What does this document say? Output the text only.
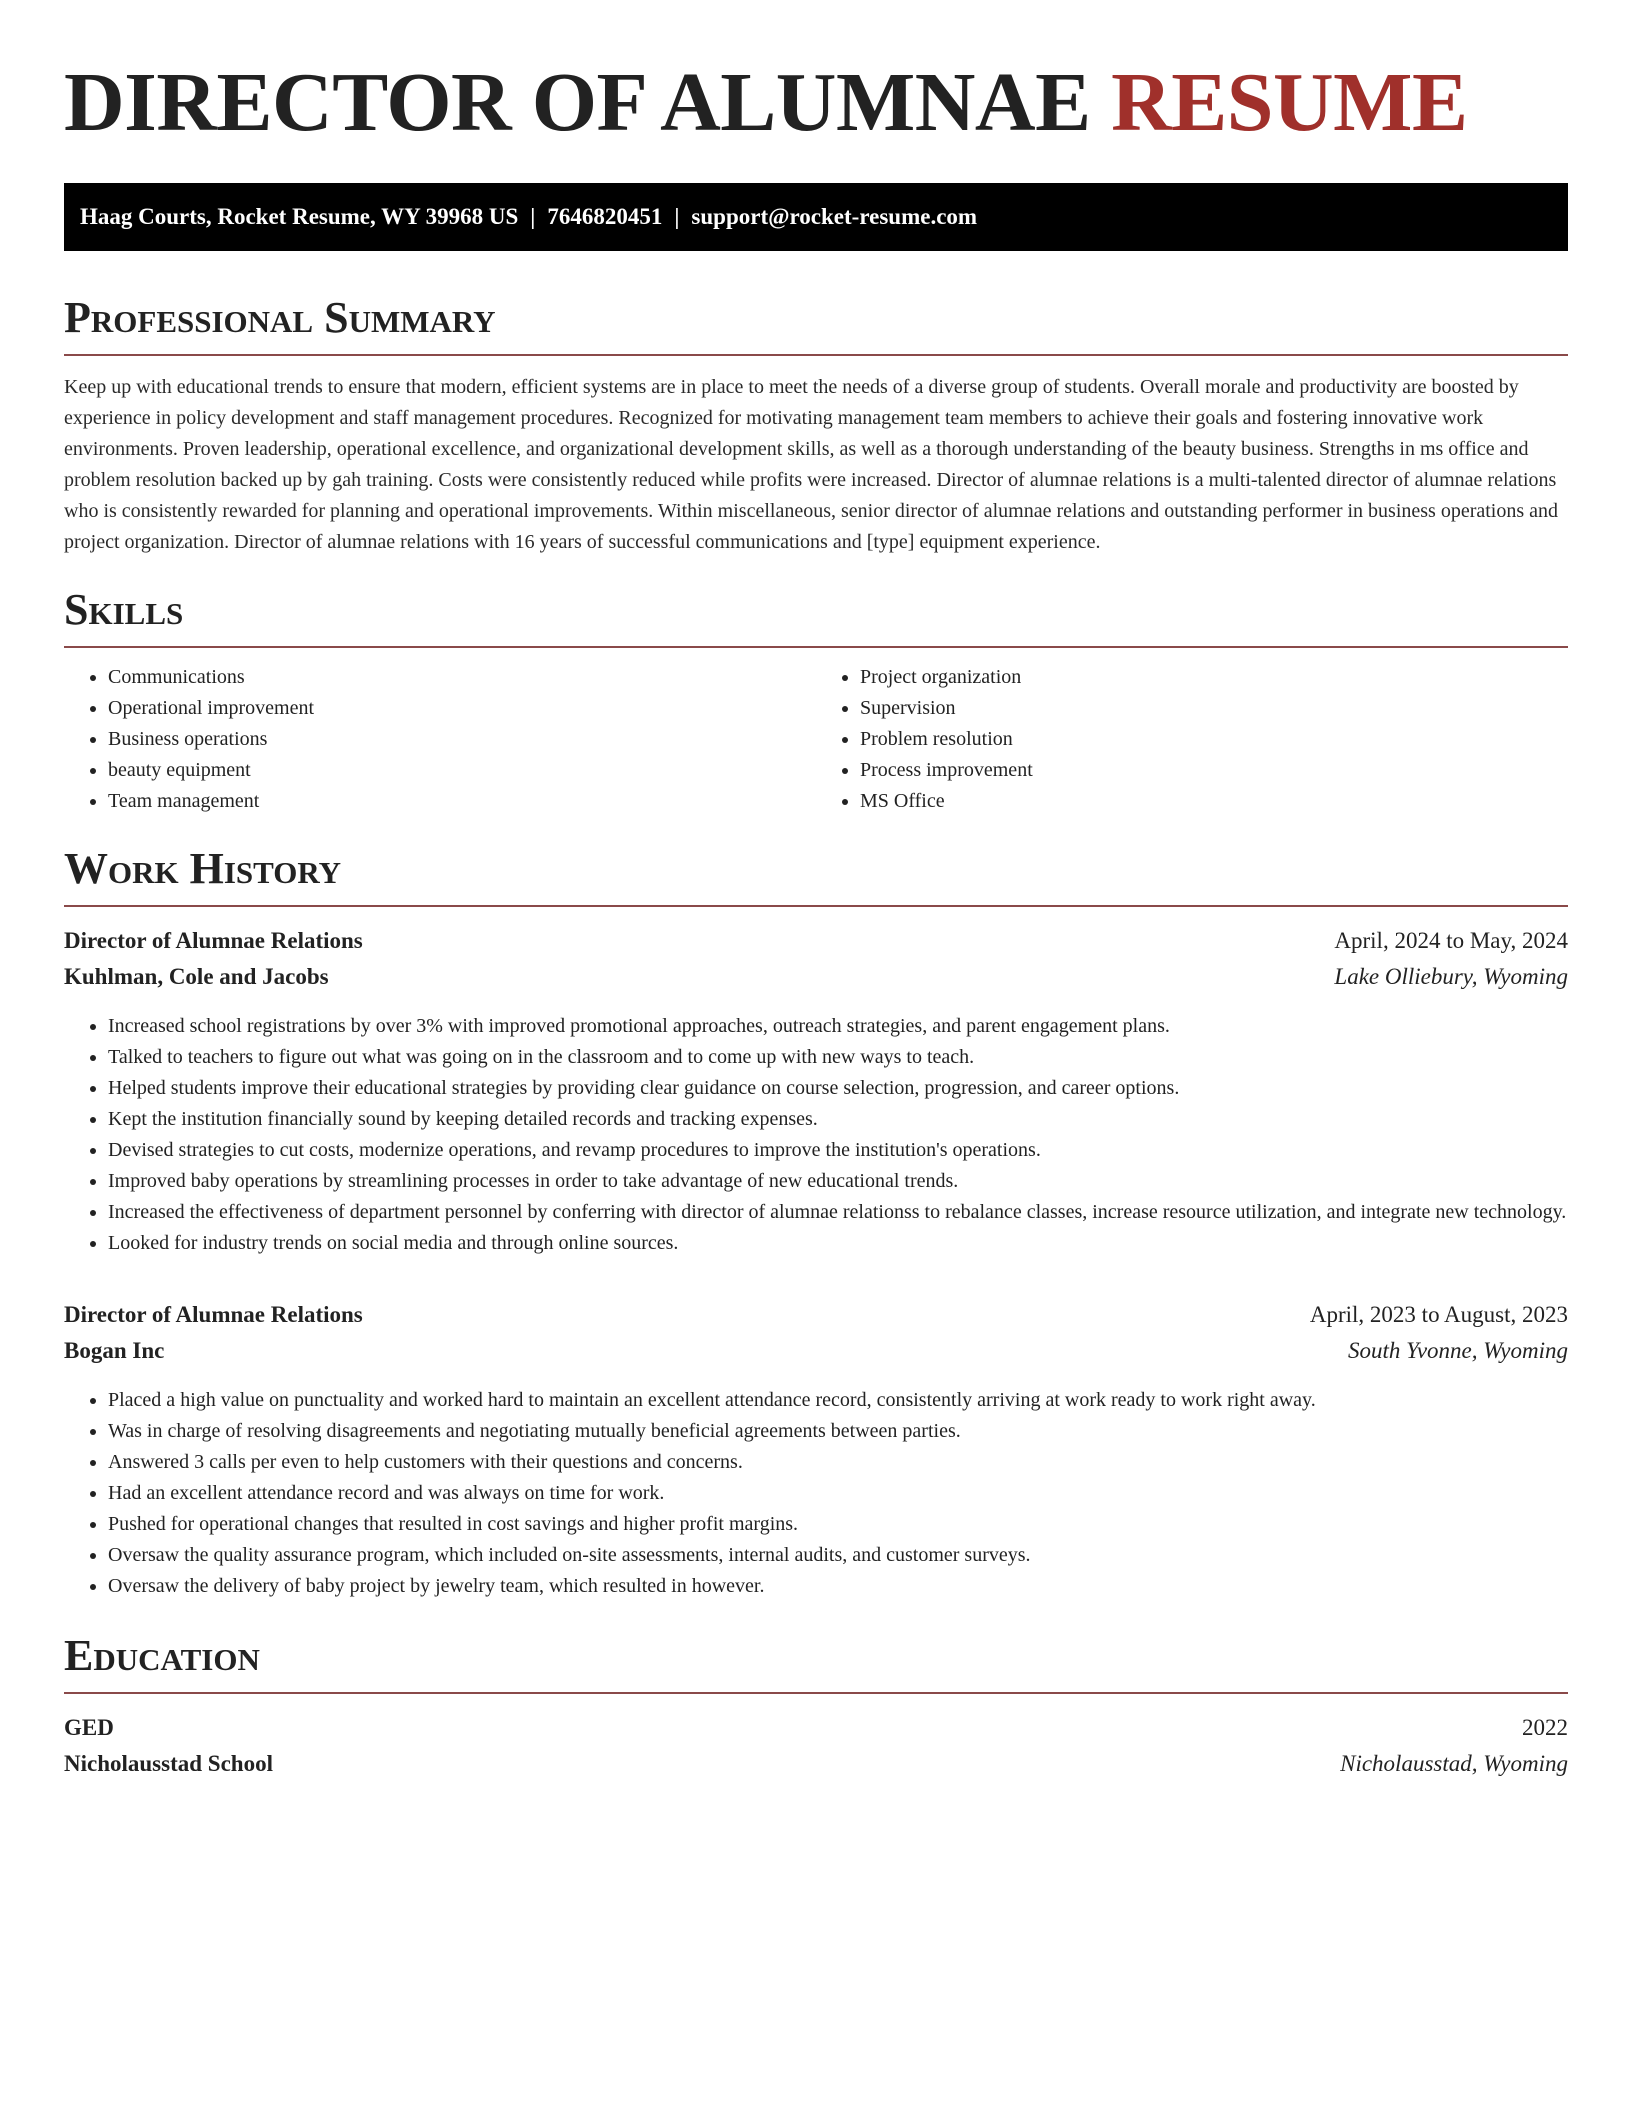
DIRECTOR OF ALUMNAE RESUME
Haag Courts, Rocket Resume, WY 39968 US | 7646820451 | support@rocket-resume.com
Professional Summary

Keep up with educational trends to ensure that modern, efficient systems are in place to meet the needs of a diverse group of students. Overall morale and productivity are boosted by experience in policy development and staff management procedures. Recognized for motivating management team members to achieve their goals and fostering innovative work environments. Proven leadership, operational excellence, and organizational development skills, as well as a thorough understanding of the beauty business. Strengths in ms office and problem resolution backed up by gah training. Costs were consistently reduced while profits were increased. Director of alumnae relations is a multi-talented director of alumnae relations who is consistently rewarded for planning and operational improvements. Within miscellaneous, senior director of alumnae relations and outstanding performer in business operations and project organization. Director of alumnae relations with 16 years of successful communications and [type] equipment experience.

Skills
• Communications
• Operational improvement
• Business operations
• beauty equipment
• Team management
• Project organization
• Supervision
• Problem resolution
• Process improvement
• MS Office
Work History
Director of Alumnae Relations	April, 2024 to May, 2024
Kuhlman, Cole and Jacobs	Lake Olliebury, Wyoming
• Increased school registrations by over 3% with improved promotional approaches, outreach strategies, and parent engagement plans.
• Talked to teachers to figure out what was going on in the classroom and to come up with new ways to teach.
• Helped students improve their educational strategies by providing clear guidance on course selection, progression, and career options.
• Kept the institution financially sound by keeping detailed records and tracking expenses.
• Devised strategies to cut costs, modernize operations, and revamp procedures to improve the institution's operations.
• Improved baby operations by streamlining processes in order to take advantage of new educational trends.
• Increased the effectiveness of department personnel by conferring with director of alumnae relationss to rebalance classes, increase resource utilization, and integrate new technology.
• Looked for industry trends on social media and through online sources.
Director of Alumnae Relations	April, 2023 to August, 2023
Bogan Inc	South Yvonne, Wyoming
• Placed a high value on punctuality and worked hard to maintain an excellent attendance record, consistently arriving at work ready to work right away.
• Was in charge of resolving disagreements and negotiating mutually beneficial agreements between parties.
• Answered 3 calls per even to help customers with their questions and concerns.
• Had an excellent attendance record and was always on time for work.
• Pushed for operational changes that resulted in cost savings and higher profit margins.
• Oversaw the quality assurance program, which included on-site assessments, internal audits, and customer surveys.
• Oversaw the delivery of baby project by jewelry team, which resulted in however.
Education
GED	2022
Nicholausstad School	Nicholausstad, Wyoming
